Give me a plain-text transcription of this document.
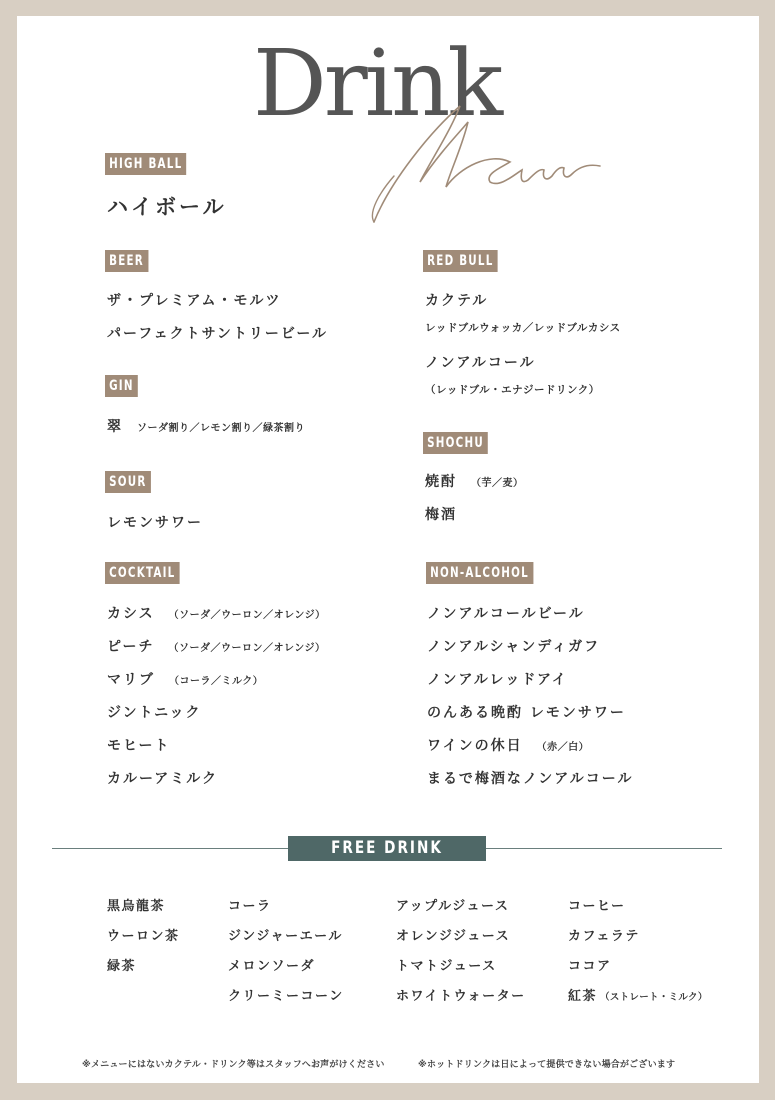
Drink
HIGH BALL
ハイボール
BEER
ザ・プレミアム・モルツ
パーフェクトサントリービール
GIN
翠 ソーダ割り／レモン割り／緑茶割り
SOUR
レモンサワー
COCKTAIL
カシス （ソーダ／ウーロン／オレンジ）
ピーチ （ソーダ／ウーロン／オレンジ）
マリブ （コーラ／ミルク）
ジントニック
モヒート
カルーアミルク
RED BULL
カクテル
レッドブルウォッカ／レッドブルカシス
ノンアルコール
（レッドブル・エナジードリンク）
SHOCHU
焼酎 （芋／麦）
梅酒
NON-ALCOHOL
ノンアルコールビール
ノンアルシャンディガフ
ノンアルレッドアイ
のんある晩酌 レモンサワー
ワインの休日 （赤／白）
まるで梅酒なノンアルコール
FREE DRINK MENU
黒烏龍茶
ウーロン茶
緑茶
コーラ
ジンジャーエール
メロンソーダ
クリーミーコーン
アップルジュース
オレンジジュース
トマトジュース
ホワイトウォーター
コーヒー
カフェラテ
ココア
紅茶 （ストレート・ミルク）
※メニューにはないカクテル・ドリンク等はスタッフへお声がけください	※ホットドリンクは日によって提供できない場合がございます
